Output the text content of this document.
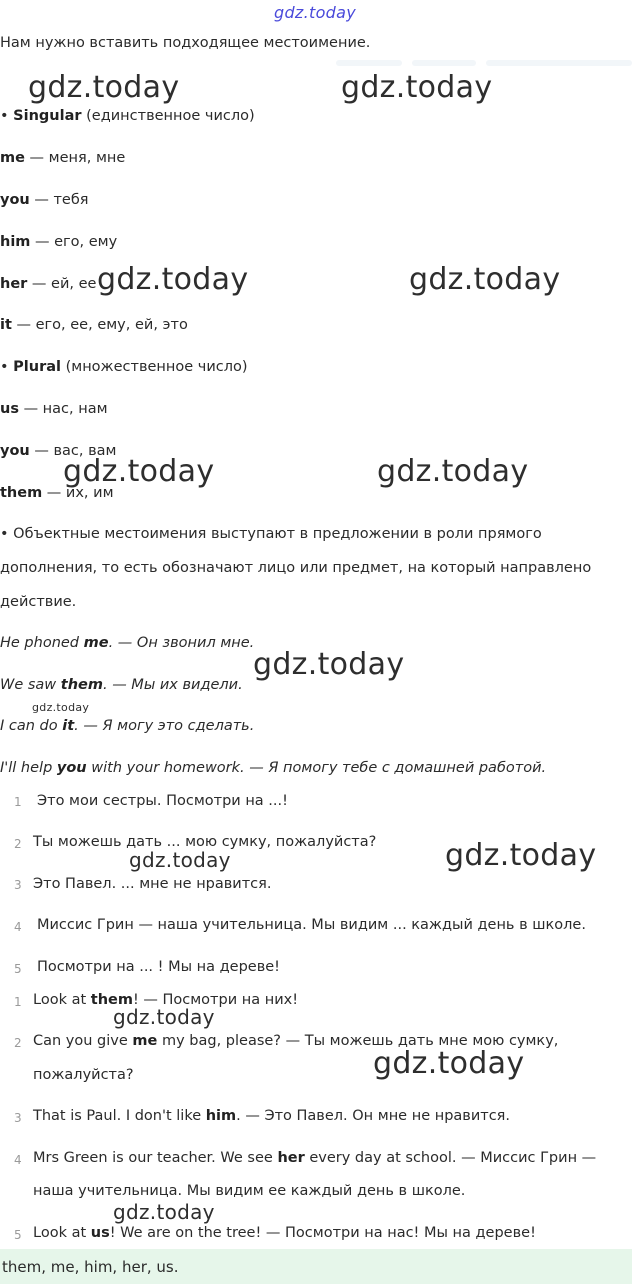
gdz.today
Нам нужно вставить подходящее местоимение.
• Singular (единственное число)
me — меня, мне
you — тебя
him — его, ему
her — ей, ее
it — его, ее, ему, ей, это
• Plural (множественное число)
us — нас, нам
you — вас, вам
them — их, им
• Объектные местоимения выступают в предложении в роли прямого
дополнения, то есть обозначают лицо или предмет, на который направлено
действие.
He phoned me. — Он звонил мне.
We saw them. — Мы их видели.
I can do it. — Я могу это сделать.
I'll help you with your homework. — Я помогу тебе с домашней работой.
1 Это мои сестры. Посмотри на ...!
2 Ты можешь дать ... мою сумку, пожалуйста?
3 Это Павел. ... мне не нравится.
4 Миссис Грин — наша учительница. Мы видим ... каждый день в школе.
5 Посмотри на ... ! Мы на дереве!
1 Look at them! — Посмотри на них!
2 Can you give me my bag, please? — Ты можешь дать мне мою сумку,
пожалуйста?
3 That is Paul. I don't like him. — Это Павел. Он мне не нравится.
4 Mrs Green is our teacher. We see her every day at school. — Миссис Грин —
наша учительница. Мы видим ее каждый день в школе.
5 Look at us! We are on the tree! — Посмотри на нас! Мы на дереве!
them, me, him, her, us.
gdz.today	gdz.today
gdz.today	gdz.today
gdz.today	gdz.today
gdz.today
gdz.today
gdz.today	gdz.today
gdz.today
gdz.today
gdz.today
